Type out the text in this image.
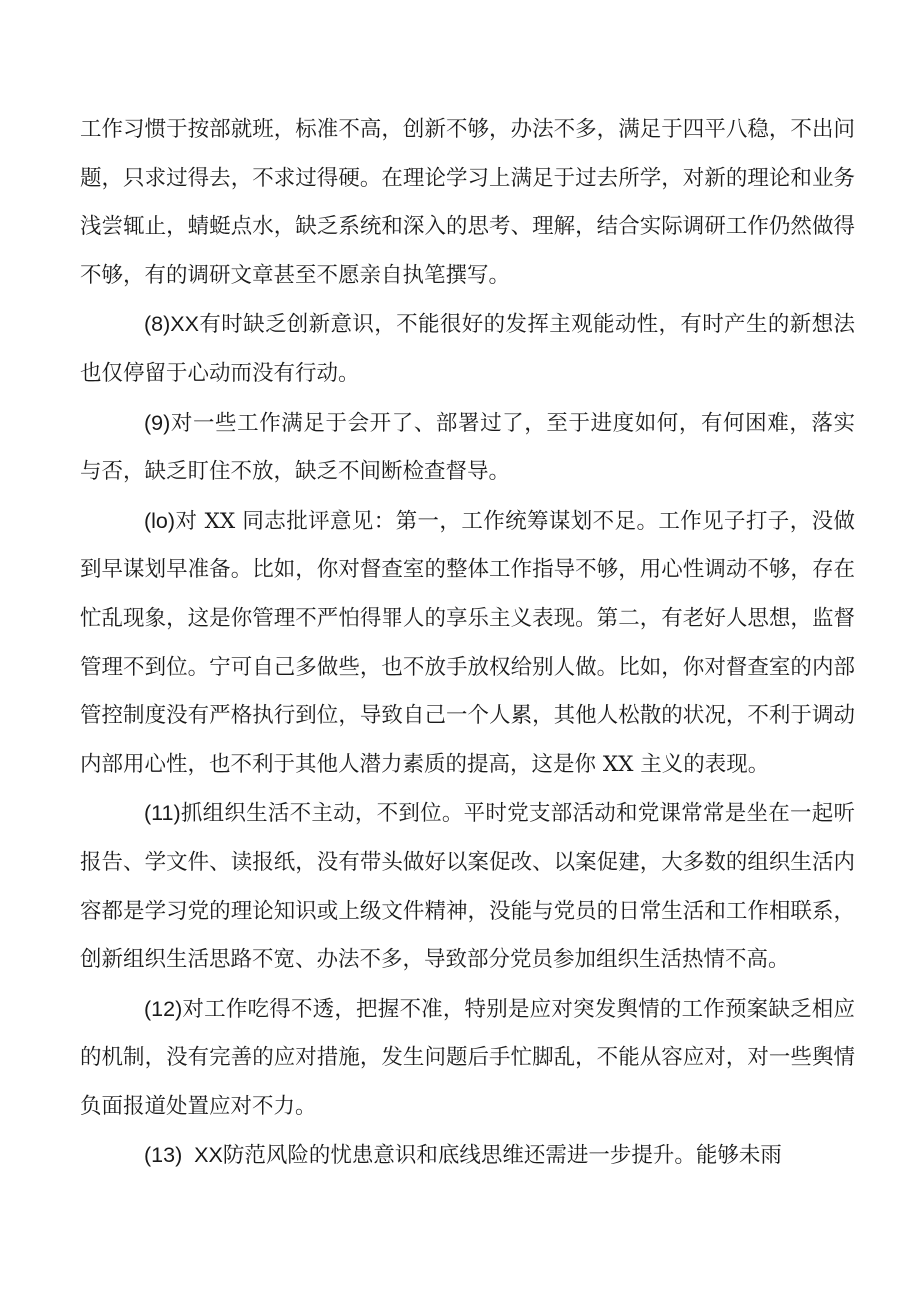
工作习惯于按部就班，标准不高，创新不够，办法不多，满足于四平八稳，不出问题，只求过得去，不求过得硬。在理论学习上满足于过去所学，对新的理论和业务浅尝辄止，蜻蜓点水，缺乏系统和深入的思考、理解，结合实际调研工作仍然做得不够，有的调研文章甚至不愿亲自执笔撰写。

(8)XX有时缺乏创新意识，不能很好的发挥主观能动性，有时产生的新想法也仅停留于心动而没有行动。

(9)对一些工作满足于会开了、部署过了，至于进度如何，有何困难，落实与否，缺乏盯住不放，缺乏不间断检查督导。

(lo)对 XX 同志批评意见：第一，工作统筹谋划不足。工作见子打子，没做到早谋划早准备。比如，你对督查室的整体工作指导不够，用心性调动不够，存在忙乱现象，这是你管理不严怕得罪人的享乐主义表现。第二，有老好人思想，监督管理不到位。宁可自己多做些，也不放手放权给别人做。比如，你对督查室的内部管控制度没有严格执行到位，导致自己一个人累，其他人松散的状况，不利于调动内部用心性，也不利于其他人潜力素质的提高，这是你 XX 主义的表现。

(11)抓组织生活不主动，不到位。平时党支部活动和党课常常是坐在一起听报告、学文件、读报纸，没有带头做好以案促改、以案促建，大多数的组织生活内容都是学习党的理论知识或上级文件精神，没能与党员的日常生活和工作相联系，创新组织生活思路不宽、办法不多，导致部分党员参加组织生活热情不高。

(12)对工作吃得不透，把握不准，特别是应对突发舆情的工作预案缺乏相应的机制，没有完善的应对措施，发生问题后手忙脚乱，不能从容应对，对一些舆情负面报道处置应对不力。

(13)  XX防范风险的忧患意识和底线思维还需进一步提升。能够未雨
